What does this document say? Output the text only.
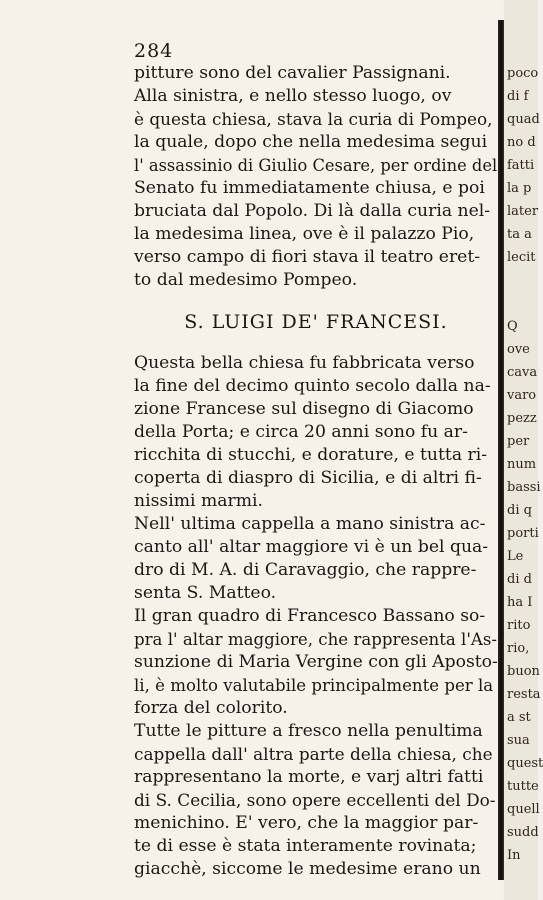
284
pitture sono del cavalier Passignani.
Alla sinistra, e nello stesso luogo, ov
è questa chiesa, stava la curia di Pompeo,
la quale, dopo che nella medesima segui
l' assassinio di Giulio Cesare, per ordine del
Senato fu immediatamente chiusa, e poi
bruciata dal Popolo. Di là dalla curia nel-
la medesima linea, ove è il palazzo Pio,
verso campo di fiori stava il teatro eret-
to dal medesimo Pompeo.
S. LUIGI DE' FRANCESI.
Questa bella chiesa fu fabbricata verso
la fine del decimo quinto secolo dalla na-
zione Francese sul disegno di Giacomo
della Porta; e circa 20 anni sono fu ar-
ricchita di stucchi, e dorature, e tutta ri-
coperta di diaspro di Sicilia, e di altri fi-
nissimi marmi.
Nell' ultima cappella a mano sinistra ac-
canto all' altar maggiore vi è un bel qua-
dro di M. A. di Caravaggio, che rappre-
senta S. Matteo.
Il gran quadro di Francesco Bassano so-
pra l' altar maggiore, che rappresenta l'As-
sunzione di Maria Vergine con gli Aposto-
li, è molto valutabile principalmente per la
forza del colorito.
Tutte le pitture a fresco nella penultima
cappella dall' altra parte della chiesa, che
rappresentano la morte, e varj altri fatti
di S. Cecilia, sono opere eccellenti del Do-
menichino. E' vero, che la maggior par-
te di esse è stata interamente rovinata;
giacchè, siccome le medesime erano un
poco
di f
quad
no d
fatti
la p
later
ta a
lecit
Q
ove
cava
varo
pezz
per
num
bassi
di q
porti
Le
di d
ha I
rito
rio,
buon
resta
a st
sua
quest
tutte
quell
sudd
In
